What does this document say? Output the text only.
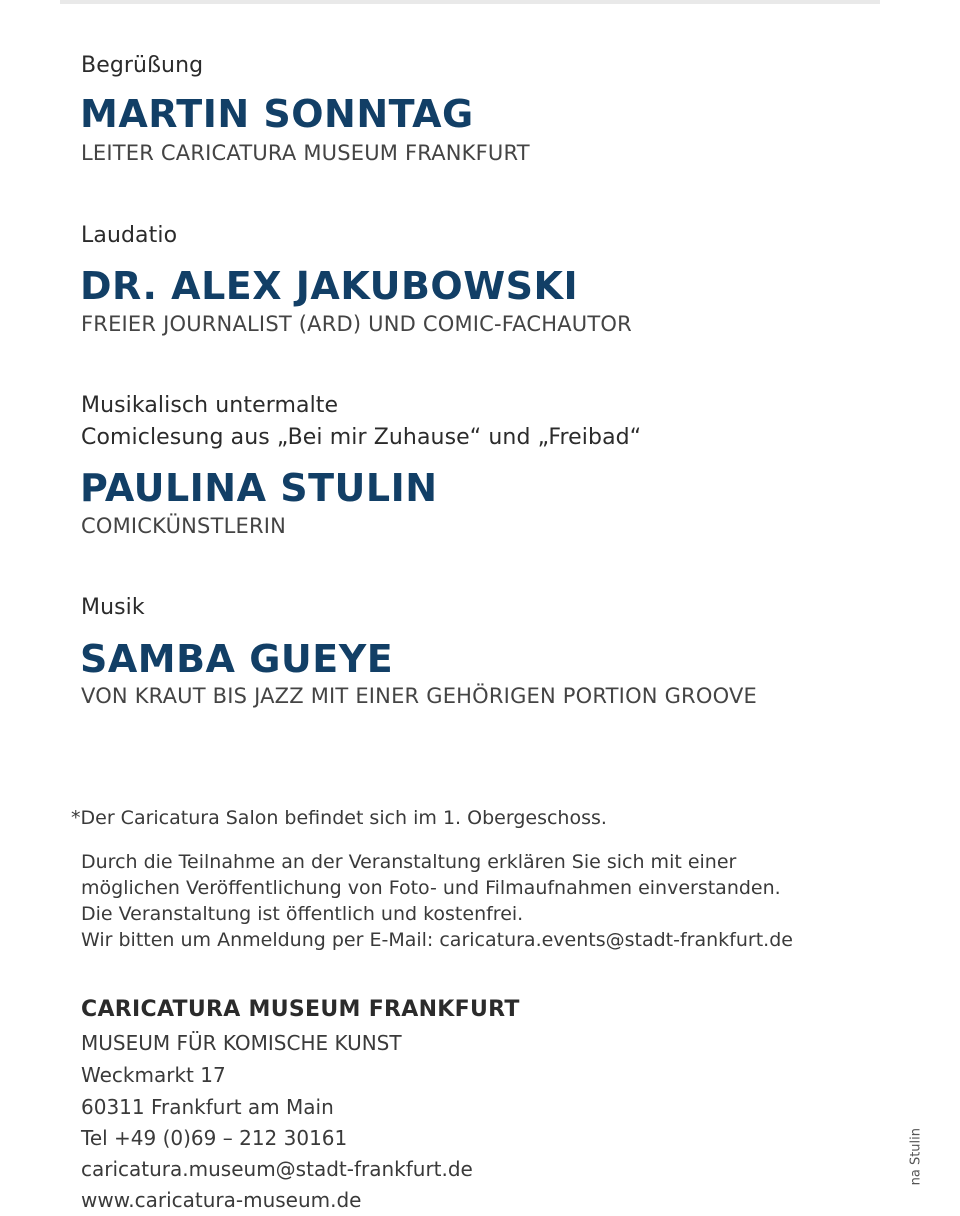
Begrüßung
MARTIN SONNTAG
LEITER CARICATURA MUSEUM FRANKFURT
Laudatio
DR. ALEX JAKUBOWSKI
FREIER JOURNALIST (ARD) UND COMIC-FACHAUTOR
Musikalisch untermalte
Comiclesung aus „Bei mir Zuhause“ und „Freibad“
PAULINA STULIN
COMICKÜNSTLERIN
Musik
SAMBA GUEYE
VON KRAUT BIS JAZZ MIT EINER GEHÖRIGEN PORTION GROOVE
*Der Caricatura Salon befindet sich im 1. Obergeschoss.
Durch die Teilnahme an der Veranstaltung erklären Sie sich mit einer
möglichen Veröffentlichung von Foto- und Filmaufnahmen einverstanden.
Die Veranstaltung ist öffentlich und kostenfrei.
Wir bitten um Anmeldung per E-Mail: caricatura.events@stadt-frankfurt.de
CARICATURA MUSEUM FRANKFURT
MUSEUM FÜR KOMISCHE KUNST
Weckmarkt 17
60311 Frankfurt am Main
Tel +49 (0)69 – 212 30161
caricatura.museum@stadt-frankfurt.de
www.caricatura-museum.de
na Stulin
